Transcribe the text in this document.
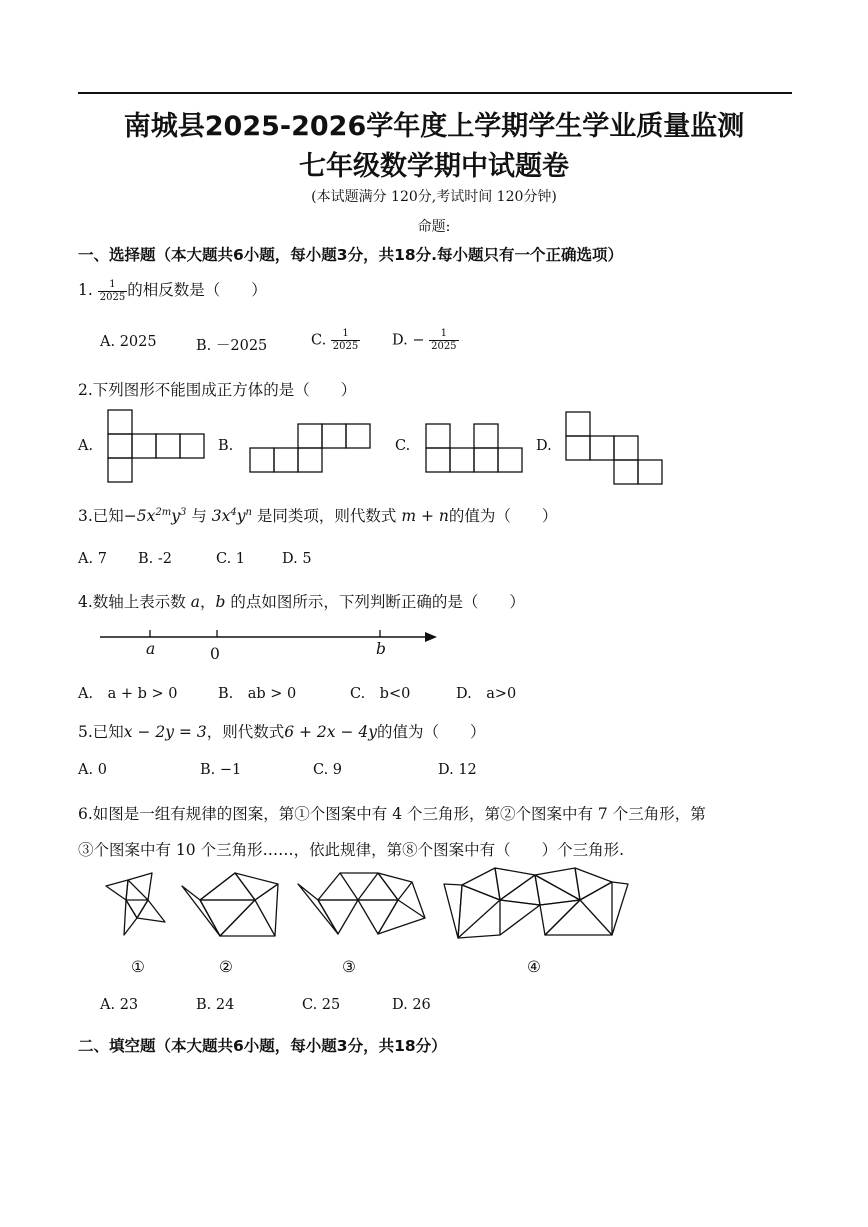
南城县2025-2026学年度上学期学生学业质量监测
七年级数学期中试题卷
(本试题满分 120分,考试时间 120分钟)
命题:
一、选择题（本大题共6小题，每小题3分，共18分.每小题只有一个正确选项）
1. $\frac{1}{2025}$ 的相反数是（　　）
A. 2025	B. －2025	C. $\frac{1}{2025} D$. − $\frac{1}{2025}$
2.下列图形不能围成正方体的是（　　）
A.	B.	C.	D.
3.已知$-5x^{2m}y^3$ 与 $3x^4y^n$ 是同类项，则代数式 m + n的值为（　　）
A. 7 B. -2	C. 1	D. 5
4.数轴上表示数 a，b 的点如图所示，下列判断正确的是（　　）
a	0	b
A.　a + b > 0	B.　ab > 0	C.　b<0	D.　a>0
5.已知x − 2y = 3，则代数式6 + 2x − 4y的值为（　　）
A. 0	B. −1	C. 9	D. 12
6.如图是一组有规律的图案，第①个图案中有 4 个三角形，第②个图案中有 7 个三角形，第
③个图案中有 10 个三角形……，依此规律，第⑧个图案中有（　　）个三角形.
①	②	③	④
A. 23	B. 24	C. 25	D. 26
二、填空题（本大题共6小题，每小题3分，共18分）
